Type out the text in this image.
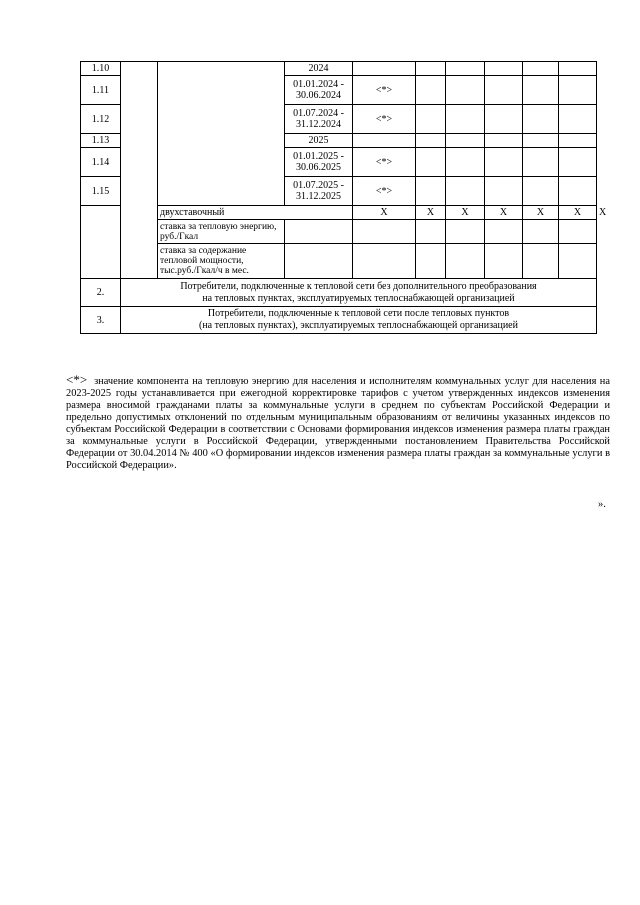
1.10			2024							
1.11			01.01.2024 - 30.06.2024	<*>						
1.12			01.07.2024 - 31.12.2024	<*>						
1.13			2025							
1.14			01.01.2025 - 30.06.2025	<*>						
1.15			01.07.2025 - 31.12.2025	<*>						
		двухставочный		X	X	X	X	X	X	X
		ставка за тепловую энергию, руб./Гкал								
		ставка за содержание тепловой мощности, тыс.руб./Гкал/ч в мес.								
2.	Потребители, подключенные к тепловой сети без дополнительного преобразования
на тепловых пунктах, эксплуатируемых теплоснабжающей организацией									

3.	Потребители, подключенные к тепловой сети после тепловых пунктов
(на тепловых пунктах), эксплуатируемых теплоснабжающей организацией									
<*> значение компонента на тепловую энергию для населения и исполнителям коммунальных услуг для населения на 2023-2025 годы устанавливается при ежегодной корректировке тарифов с учетом утвержденных индексов изменения размера вносимой гражданами платы за коммунальные услуги в среднем по субъектам Российской Федерации и предельно допустимых отклонений по отдельным муниципальным образованиям от величины указанных индексов по субъектам Российской Федерации в соответствии с Основами формирования индексов изменения размера платы граждан за коммунальные услуги в Российской Федерации, утвержденными постановлением Правительства Российской Федерации от 30.04.2014 № 400 «О формировании индексов изменения размера платы граждан за коммунальные услуги в Российской Федерации».
».
